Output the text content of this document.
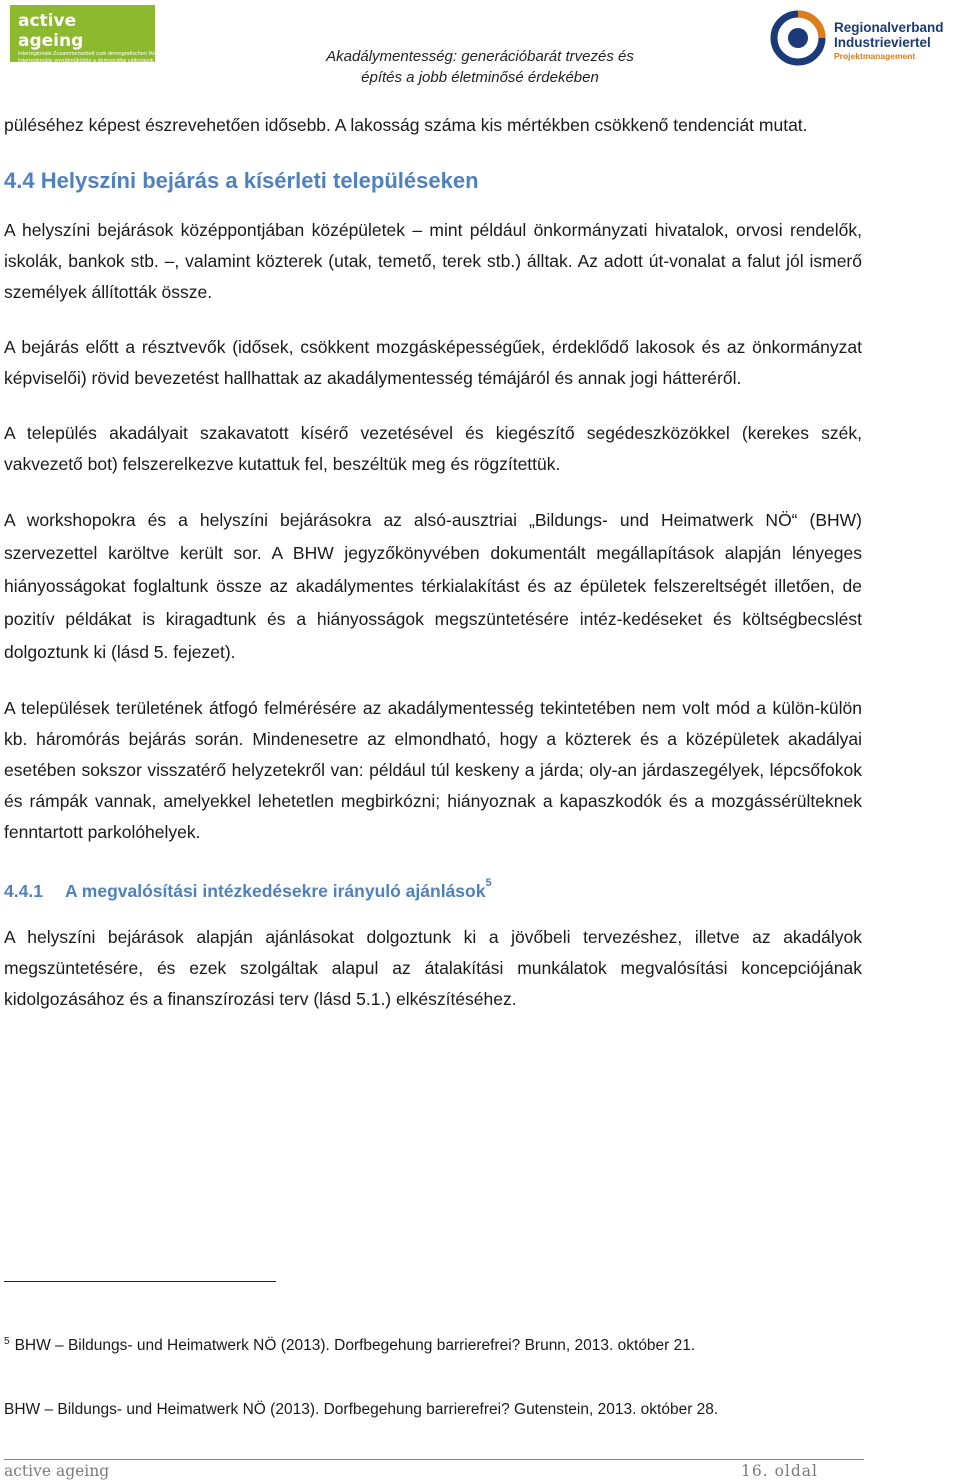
active ageing
Interregionale Zusammenarbeit zum demografischen Wandel
Interregionális együttműködés a demográfiai változások jegyében	Akadálymentesség: generációbarát trvezés és
építés a jobb életminősé érdekében
Regionalverband
Industrieviertel
Projektmanagement

püléséhez képest észrevehetően idősebb. A lakosság száma kis mértékben csökkenő tendenciát mutat.

4.4 Helyszíni bejárás a kísérleti településeken

A helyszíni bejárások középpontjában középületek – mint például önkormányzati hivatalok, orvosi rendelők, iskolák, bankok stb. –, valamint közterek (utak, temető, terek stb.) álltak. Az adott út-vonalat a falut jól ismerő személyek állították össze.

A bejárás előtt a résztvevők (idősek, csökkent mozgásképességűek, érdeklődő lakosok és az önkormányzat képviselői) rövid bevezetést hallhattak az akadálymentesség témájáról és annak jogi hátteréről.

A település akadályait szakavatott kísérő vezetésével és kiegészítő segédeszközökkel (kerekes szék, vakvezető bot) felszerelkezve kutattuk fel, beszéltük meg és rögzítettük.

A workshopokra és a helyszíni bejárásokra az alsó-ausztriai „Bildungs- und Heimatwerk NÖ“ (BHW) szervezettel karöltve került sor. A BHW jegyzőkönyvében dokumentált megállapítások alapján lényeges hiányosságokat foglaltunk össze az akadálymentes térkialakítást és az épületek felszereltségét illetően, de pozitív példákat is kiragadtunk és a hiányosságok megszüntetésére intéz-kedéseket és költségbecslést dolgoztunk ki (lásd 5. fejezet).

A települések területének átfogó felmérésére az akadálymentesség tekintetében nem volt mód a külön-külön kb. háromórás bejárás során. Mindenesetre az elmondható, hogy a közterek és a középületek akadályai esetében sokszor visszatérő helyzetekről van: például túl keskeny a járda; oly-an járdaszegélyek, lépcsőfokok és rámpák vannak, amelyekkel lehetetlen megbirkózni; hiányoznak a kapaszkodók és a mozgássérülteknek fenntartott parkolóhelyek.

4.4.1 A megvalósítási intézkedésekre irányuló ajánlások$^5$

A helyszíni bejárások alapján ajánlásokat dolgoztunk ki a jövőbeli tervezéshez, illetve az akadályok megszüntetésére, és ezek szolgáltak alapul az átalakítási munkálatok megvalósítási koncepciójának kidolgozásához és a finanszírozási terv (lásd 5.1.) elkészítéséhez.

$^5$ BHW – Bildungs- und Heimatwerk NÖ (2013). Dorfbegehung barrierefrei? Brunn, 2013. október 21.
BHW – Bildungs- und Heimatwerk NÖ (2013). Dorfbegehung barrierefrei? Gutenstein, 2013. október 28.
active ageing	16. oldal
